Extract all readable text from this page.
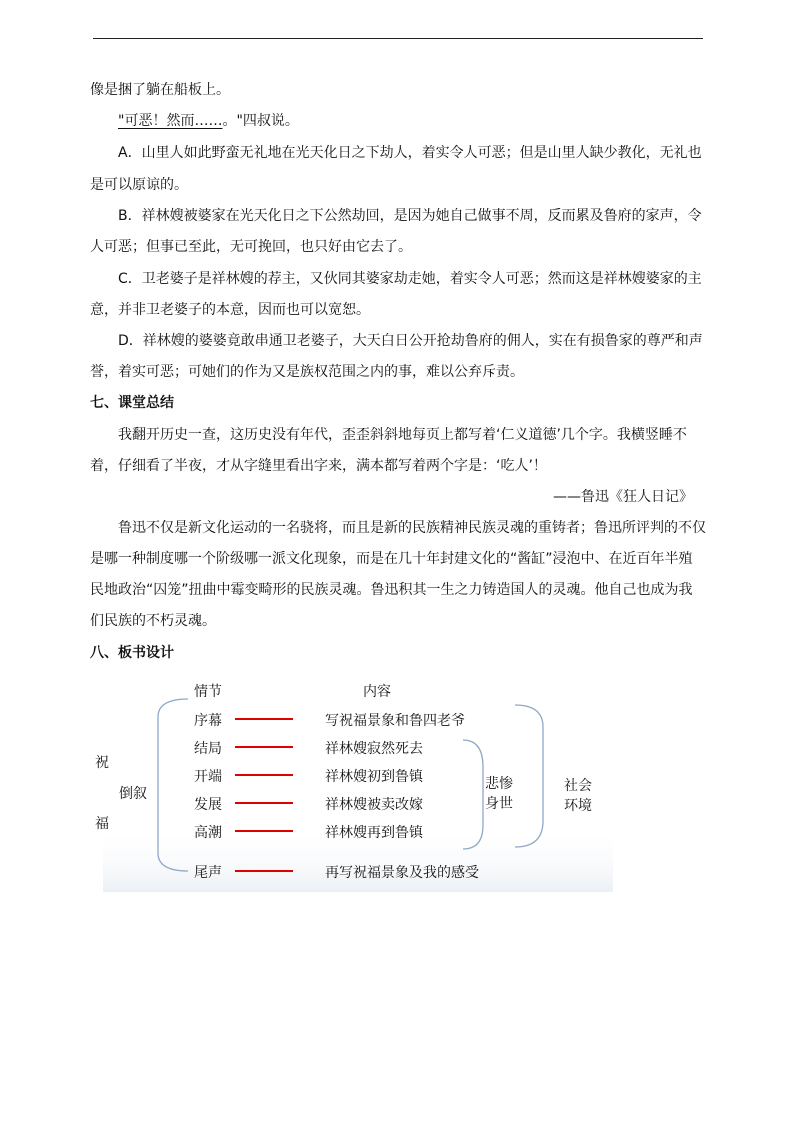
像是捆了躺在船板上。
"可恶！然而……。"四叔说。
A．山里人如此野蛮无礼地在光天化日之下劫人，着实令人可恶；但是山里人缺少教化，无礼也
是可以原谅的。
B．祥林嫂被婆家在光天化日之下公然劫回，是因为她自己做事不周，反而累及鲁府的家声，令
人可恶；但事已至此，无可挽回，也只好由它去了。
C．卫老婆子是祥林嫂的荐主，又伙同其婆家劫走她，着实令人可恶；然而这是祥林嫂婆家的主
意，并非卫老婆子的本意，因而也可以宽恕。
D．祥林嫂的婆婆竟敢串通卫老婆子，大天白日公开抢劫鲁府的佣人，实在有损鲁家的尊严和声
誉，着实可恶；可她们的作为又是族权范围之内的事，难以公弃斥责。
七、课堂总结
我翻开历史一查，这历史没有年代，歪歪斜斜地每页上都写着‘仁义道德’几个字。我横竖睡不
着，仔细看了半夜，才从字缝里看出字来，满本都写着两个字是：‘吃人’！
——鲁迅《狂人日记》
鲁迅不仅是新文化运动的一名骁将，而且是新的民族精神民族灵魂的重铸者；鲁迅所评判的不仅
是哪一种制度哪一个阶级哪一派文化现象，而是在几十年封建文化的“酱缸”浸泡中、在近百年半殖
民地政治“囚笼”扭曲中霉变畸形的民族灵魂。鲁迅积其一生之力铸造国人的灵魂。他自己也成为我
们民族的不朽灵魂。
八、板书设计
情节	内容
祝
福
倒叙
序幕
结局
开端
发展
高潮
尾声
写祝福景象和鲁四老爷
祥林嫂寂然死去
祥林嫂初到鲁镇
祥林嫂被卖改嫁
祥林嫂再到鲁镇
再写祝福景象及我的感受
悲惨
身世
社会
环境
